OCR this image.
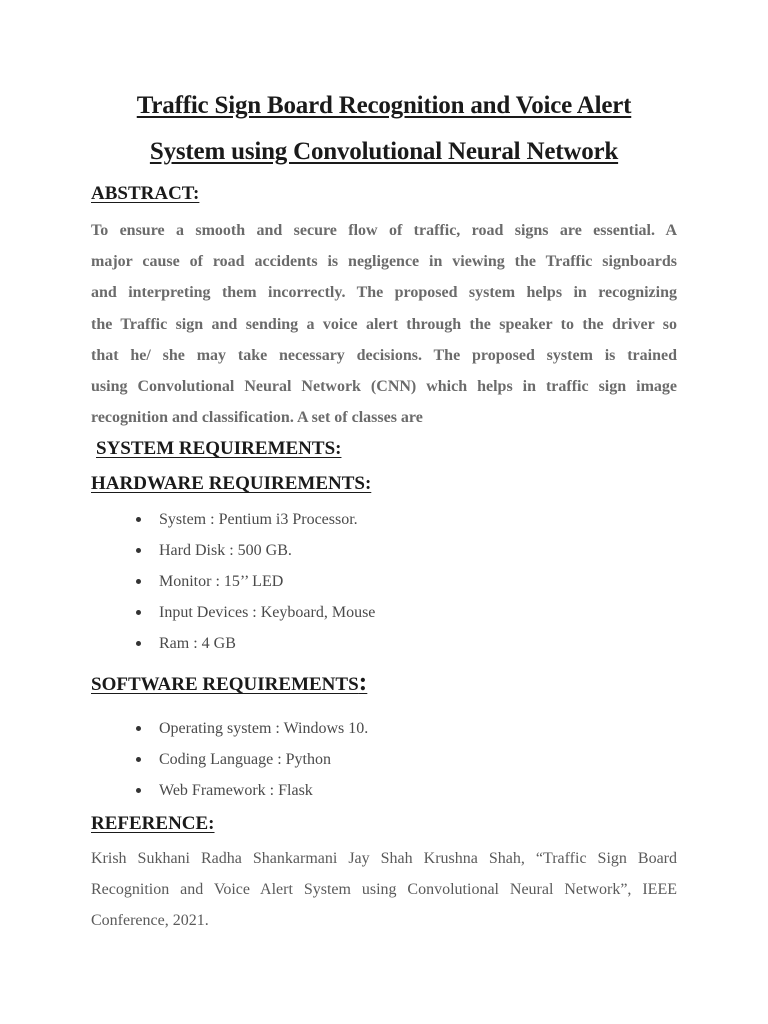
Traffic Sign Board Recognition and Voice Alert
System using Convolutional Neural Network
ABSTRACT:
To ensure a smooth and secure flow of traffic, road signs are essential. A
major cause of road accidents is negligence in viewing the Traffic signboards
and interpreting them incorrectly. The proposed system helps in recognizing
the Traffic sign and sending a voice alert through the speaker to the driver so
that he/ she may take necessary decisions. The proposed system is trained
using Convolutional Neural Network (CNN) which helps in traffic sign image
recognition and classification. A set of classes are
SYSTEM REQUIREMENTS:
HARDWARE REQUIREMENTS:
System : Pentium i3 Processor.
Hard Disk : 500 GB.
Monitor : 15’’ LED
Input Devices : Keyboard, Mouse
Ram : 4 GB
SOFTWARE REQUIREMENTS:
Operating system : Windows 10.
Coding Language : Python
Web Framework : Flask
REFERENCE:
Krish Sukhani Radha Shankarmani Jay Shah Krushna Shah, “Traffic Sign Board
Recognition and Voice Alert System using Convolutional Neural Network”, IEEE
Conference, 2021.
